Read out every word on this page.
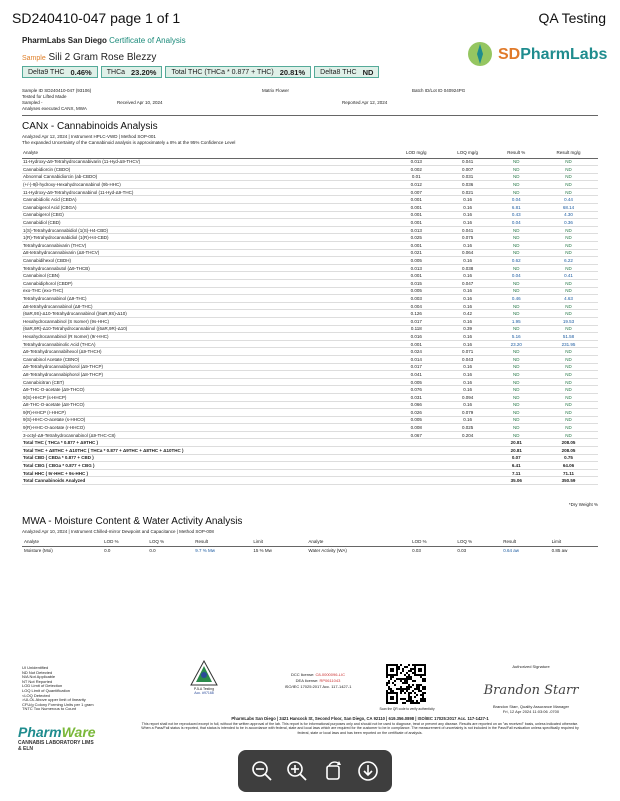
SD240410-047 page 1 of 1	QA Testing
PharmLabs San Diego Certificate of Analysis
Sample Sili 2 Gram Rose Blezzy
Delta9 THC 0.46% THCa 23.20% Total THC (THCa * 0.877 + THC) 20.81% Delta8 THC ND
SDPharmLabs
Sample ID SD240410-047 (93106)	Matrix Flower	Batch ID/Lot ID 040924PG
Tested for Lifted Made
Sampled -	Received Apr 10, 2024	Reported Apr 12, 2024
Analyses executed CANX, MWA
CANx - Cannabinoids Analysis
Analyzed Apr 12, 2024 | Instrument HPLC-VWD | Method SOP-001
The expanded Uncertainty of the Cannabinoid analysis is approximately ± 8% at the 95% Confidence Level
Analyte	LOD mg/g	LOQ mg/g	Result %	Result mg/g
11-Hydroxy-Δ9-Tetrahydrocannabivarin (11-Hyd-Δ9-THCV)	0.013	0.041	ND	ND
Cannabidiorcin (CBDO)	0.002	0.007	ND	ND
Abnormal Cannabidiorcin (ab-CBDO)	0.01	0.031	ND	ND
(+/-)-9β-hydroxy-Hexahydrocannabinol (9b-HHC)	0.012	0.036	ND	ND
11-Hydroxy-Δ9-Tetrahydrocannabinol (11-Hyd-Δ9-THC)	0.007	0.021	ND	ND
Cannabidiolic Acid (CBDA)	0.001	0.16	0.04	0.44
Cannabigerol Acid (CBGA)	0.001	0.16	6.81	68.14
Cannabigerol (CBG)	0.001	0.16	0.43	4.30
Cannabidiol (CBD)	0.001	0.16	0.04	0.36
1(S)-Tetrahydrocannabidiol (1(S)-H4-CBD)	0.013	0.041	ND	ND
1(R)-Tetrahydrocannabidiol (1(R)-H4-CBD)	0.025	0.075	ND	ND
Tetrahydrocannabivarin (THCV)	0.001	0.16	ND	ND
Δ8-tetrahydrocannabivarin (Δ8-THCV)	0.021	0.064	ND	ND
Cannabidihexol (CBDH)	0.005	0.16	0.62	6.22
Tetrahydrocannabutol (Δ9-THCB)	0.013	0.038	ND	ND
Cannabinol (CBN)	0.001	0.16	0.04	0.41
Cannabidiphorol (CBDP)	0.015	0.047	ND	ND
exo-THC (exo-THC)	0.005	0.16	ND	ND
Tetrahydrocannabinol (Δ9-THC)	0.003	0.16	0.46	4.63
Δ8-tetrahydrocannabinol (Δ8-THC)	0.004	0.16	ND	ND
(6aR,9S)-Δ10-Tetrahydrocannabinol ((6aR,9S)-Δ10)	0.126	0.42	ND	ND
Hexahydrocannabinol (S Isomer) (9s-HHC)	0.017	0.16	1.95	19.53
(6aR,9R)-Δ10-Tetrahydrocannabinol ((6aR,9R)-Δ10)	0.118	0.39	ND	ND
Hexahydrocannabinol (R Isomer) (9r-HHC)	0.016	0.16	5.16	51.58
Tetrahydrocannabinolic Acid (THCA)	0.001	0.16	23.20	231.95
Δ9-Tetrahydrocannabihexol (Δ9-THCH)	0.024	0.071	ND	ND
Cannabinol Acetate (CBNO)	0.014	0.043	ND	ND
Δ9-Tetrahydrocannabiphorol (Δ9-THCP)	0.017	0.16	ND	ND
Δ8-Tetrahydrocannabiphorol (Δ8-THCP)	0.041	0.16	ND	ND
Cannabicitran (CBT)	0.005	0.16	ND	ND
Δ9-THC-O-acetate (Δ9-THCO)	0.076	0.16	ND	ND
9(S)-HHCP (s-HHCP)	0.031	0.094	ND	ND
Δ8-THC-O-acetate (Δ8-THCO)	0.066	0.16	ND	ND
9(R)-HHCP (r-HHCP)	0.026	0.079	ND	ND
9(S)-HHC-O-acetate (s-HHCO)	0.005	0.16	ND	ND
9(R)-HHC-O-acetate (r-HHCO)	0.008	0.025	ND	ND
3-octyl-Δ9-Tetrahydrocannabinol (Δ9-THC-C8)	0.067	0.204	ND	ND
Total THC ( THCa * 0.877 + Δ9THC )			20.81	208.05
Total THC + Δ8THC + Δ10THC ( THCa * 0.877 + Δ9THC + Δ8THC + Δ10THC )			20.81	208.05
Total CBD ( CBDa * 0.877 + CBD )			0.07	0.75
Total CBG ( CBGa * 0.877 + CBG )			6.41	64.06
Total HHC ( 9r-HHC + 9s-HHC )			7.11	71.11
Total Cannabinoids Analyzed			35.06	350.59
*Dry Weight %
MWA - Moisture Content & Water Activity Analysis
Analyzed Apr 10, 2024 | Instrument Chilled-mirror Dewpoint and Capacitance | Method SOP-008
Analyte	LOD %	LOQ %	Result	Limit	Analyte	LOD %	LOQ %	Result	Limit
Moisture (Moi)	0.0	0.0	9.7 % Mw	15 % Mw	Water Activity (WA)	0.03	0.03	0.64 aw	0.85 aw
UI Unidentified
ND Not Detected
N/A Not Applicable
NT Not Reported
LOD Limit of Detection
LOQ Limit of Quantification
<LOQ Detected
>ULOL Above upper limit of linearity
CFU/g Colony Forming Units per 1 gram
TNTC Too Numerous to Count
PJLA Testing
Acc. #97168
DCC license: C8-0000096-LIC
DEA license: RP0611043
ISO/IEC 17025:2017 Acc. 117-1427-1
Scan the QR code to verify authenticity
Authorized Signature
Brandon Starr
Brandon Starr, Quality Assurance Manager
Fri, 12 Apr 2024 11:03:06 -0700
PharmLabs San Diego | 3421 Hancock St, Second Floor, San Diego, CA 92110 | 619.356.0898 | ISO/IEC 17025:2017 Acc. 117-1427-1
This report shall not be reproduced except in full, without the written approval of the lab. This report is for informational purposes only and should not be used to diagnose, treat or prevent any disease. Results are reported on an "as received" basis, unless indicated otherwise. When a Pass/Fail status is reported, that status is intended to be in accordance with federal, state and local laws which are required for the customer to be in compliance. The measurement of uncertainty is not included in the Pass/Fail evaluation unless specifically required by federal, state or local laws and has been reported on the certificate of analysis.
PharmWare
CANNABIS LABORATORY LIMS & ELN
